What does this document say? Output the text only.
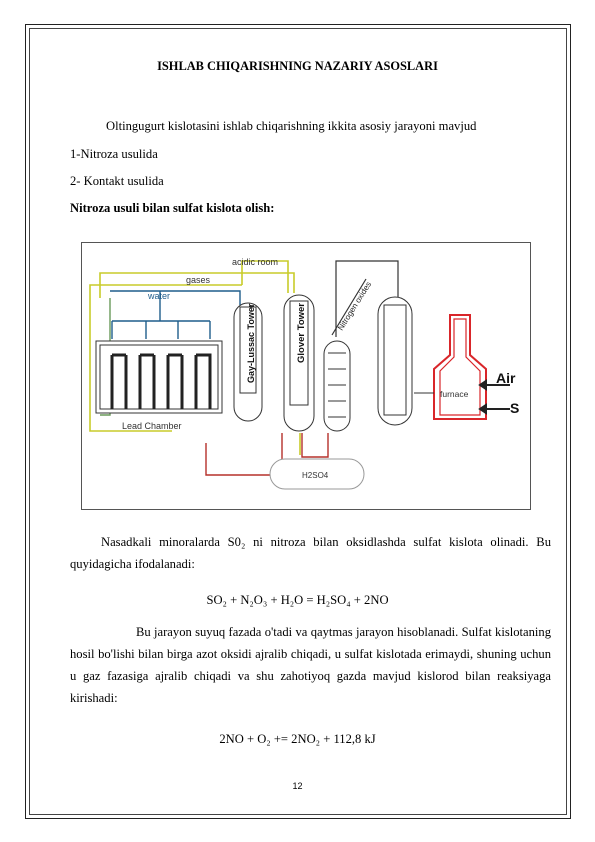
ISHLAB CHIQARISHNING NAZARIY ASOSLARI
Oltingugurt kislotasini ishlab chiqarishning ikkita asosiy jarayoni mavjud
1-Nitroza usulida
2- Kontakt usulida
Nitroza usuli bilan sulfat kislota olish:
acidic room
gases
water
Gay-Lussac Tower	Glover Tower	Nitrogen oxides
Lead Chamber
furnace
Air
S
H2SO4
Nasadkali minoralarda S0₂ ni nitroza bilan oksidlashda sulfat kislota olinadi. Bu quyidagicha ifodalanadi:
SO₂ + N₂O₃ + H₂O = H₂SO₄ + 2NO
Bu jarayon suyuq fazada o'tadi va qaytmas jarayon hisoblanadi. Sulfat kislotaning hosil bo'lishi bilan birga azot oksidi ajralib chiqadi, u sulfat kislotada erimaydi, shuning uchun u gaz fazasiga ajralib chiqadi va shu zahotiyoq gazda mavjud kislorod bilan reaksiyaga kirishadi:
2NO + O₂ += 2NO₂ + 112,8 kJ
12
